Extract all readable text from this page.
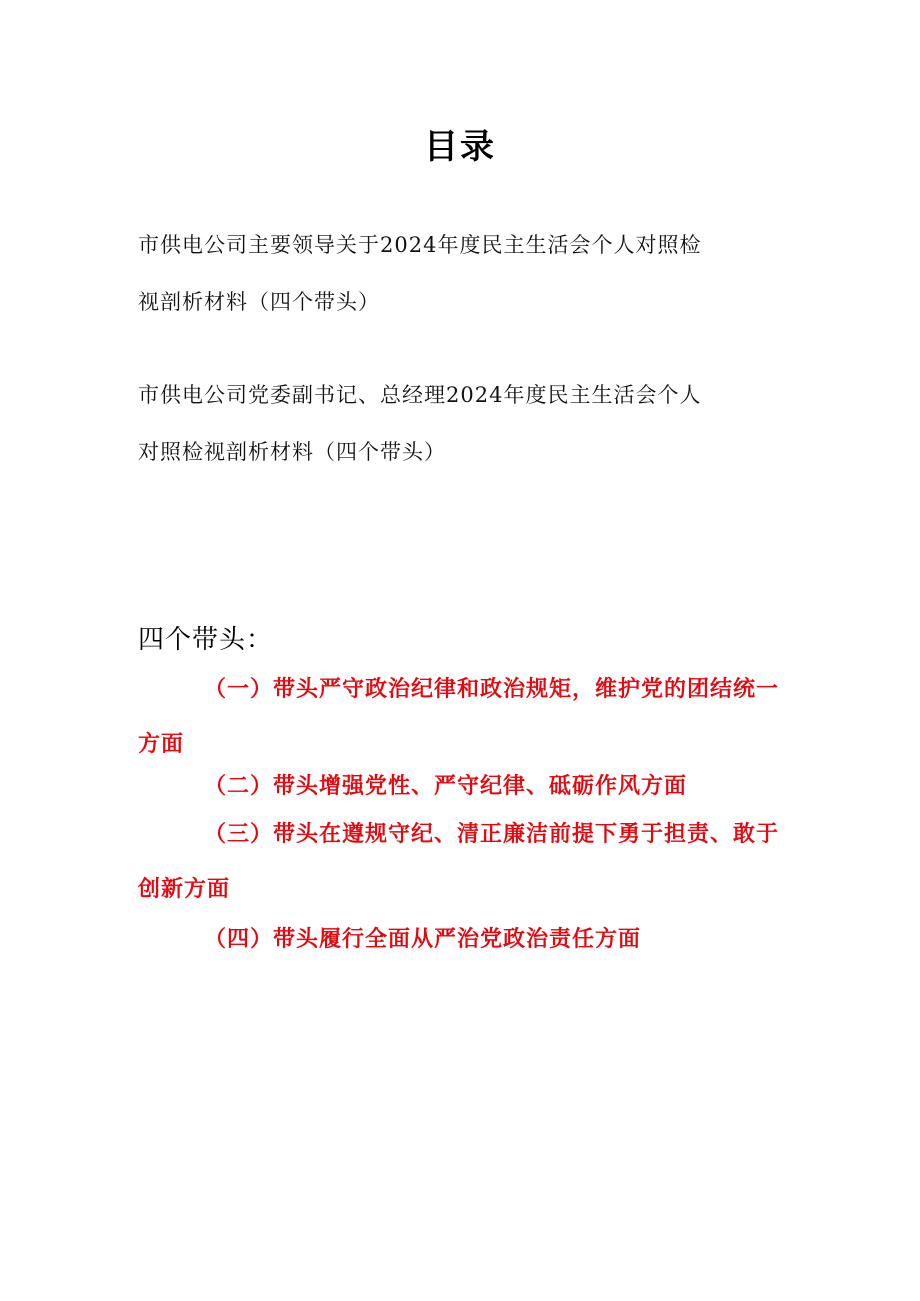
目录
市供电公司主要领导关于2024年度民主生活会个人对照检
视剖析材料（四个带头）
市供电公司党委副书记、总经理2024年度民主生活会个人
对照检视剖析材料（四个带头）
四个带头：
（一）带头严守政治纪律和政治规矩，维护党的团结统一
方面
（二）带头增强党性、严守纪律、砥砺作风方面
（三）带头在遵规守纪、清正廉洁前提下勇于担责、敢于
创新方面
（四）带头履行全面从严治党政治责任方面
